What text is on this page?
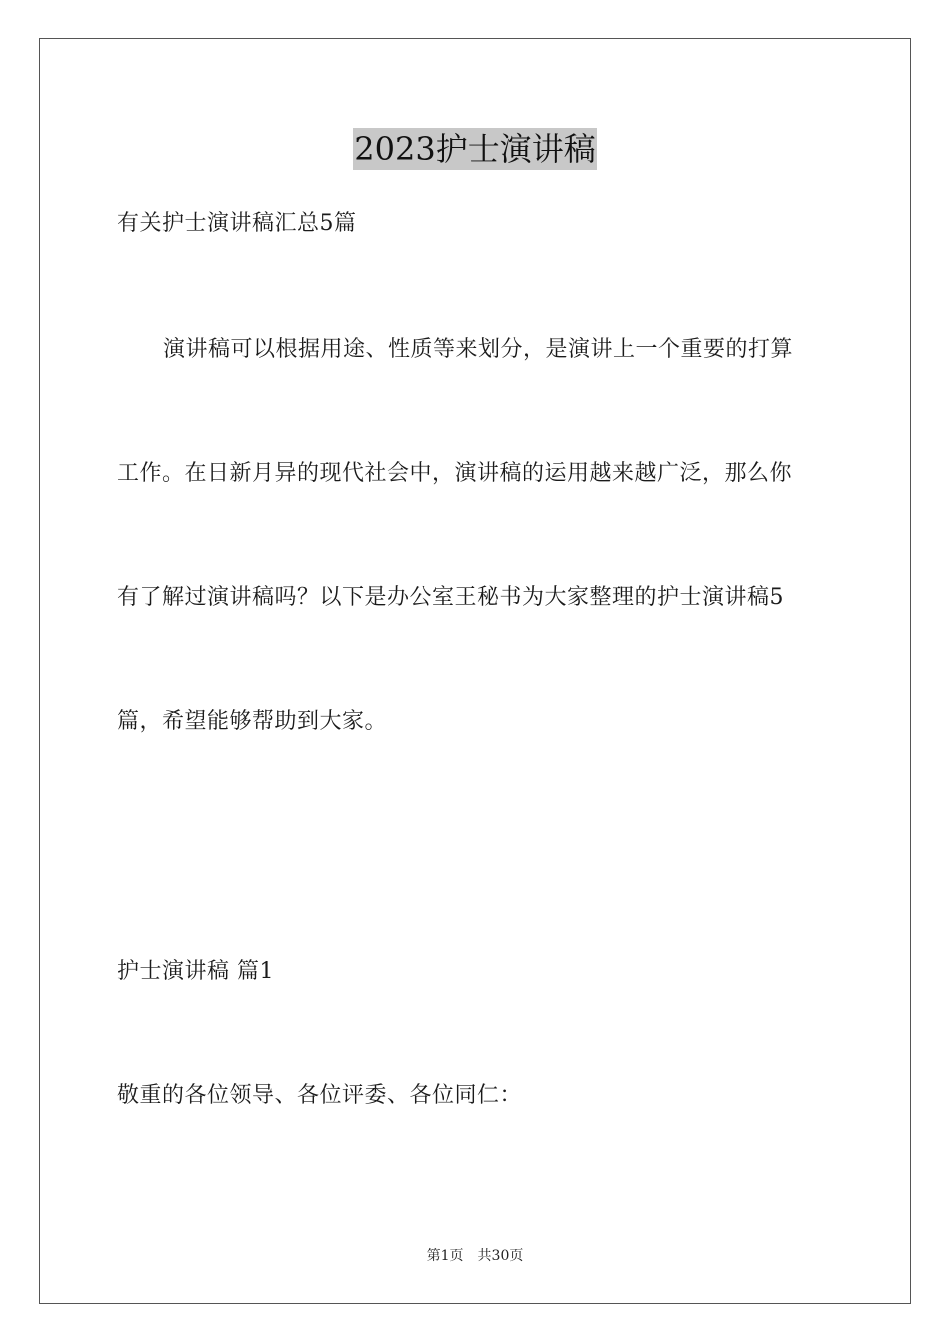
2023护士演讲稿
有关护士演讲稿汇总5篇
演讲稿可以根据用途、性质等来划分，是演讲上一个重要的打算
工作。在日新月异的现代社会中，演讲稿的运用越来越广泛，那么你
有了解过演讲稿吗？以下是办公室王秘书为大家整理的护士演讲稿5
篇，希望能够帮助到大家。
护士演讲稿 篇1
敬重的各位领导、各位评委、各位同仁：
第1页 共30页
